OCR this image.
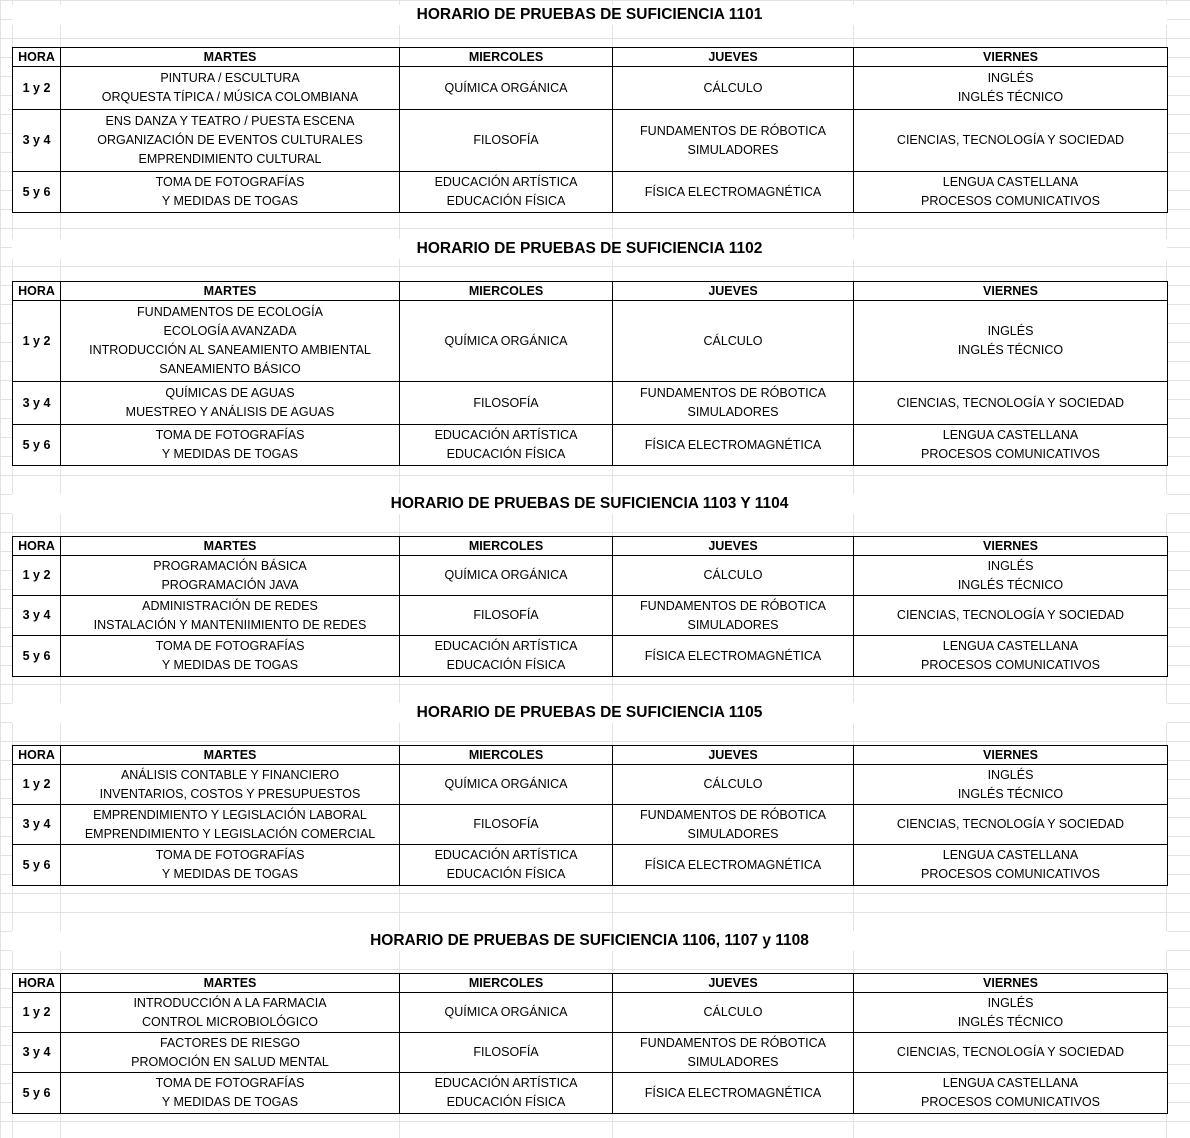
HORARIO DE PRUEBAS DE SUFICIENCIA 1101
HORA	MARTES	MIERCOLES	JUEVES	VIERNES
1 y 2	PINTURA / ESCULTURA
ORQUESTA TÍPICA / MÚSICA COLOMBIANA	QUÍMICA ORGÁNICA	CÁLCULO	INGLÉS
INGLÉS TÉCNICO

3 y 4	ENS DANZA Y TEATRO / PUESTA ESCENA
ORGANIZACIÓN DE EVENTOS CULTURALES
EMPRENDIMIENTO CULTURAL	FILOSOFÍA	FUNDAMENTOS DE RÓBOTICA
SIMULADORES	CIENCIAS, TECNOLOGÍA Y SOCIEDAD

5 y 6	TOMA DE FOTOGRAFÍAS
Y MEDIDAS DE TOGAS	EDUCACIÓN ARTÍSTICA
EDUCACIÓN FÍSICA	FÍSICA ELECTROMAGNÉTICA	LENGUA CASTELLANA
PROCESOS COMUNICATIVOS
HORARIO DE PRUEBAS DE SUFICIENCIA 1102
HORA	MARTES	MIERCOLES	JUEVES	VIERNES
1 y 2	FUNDAMENTOS DE ECOLOGÍA
ECOLOGÍA AVANZADA
INTRODUCCIÓN AL SANEAMIENTO AMBIENTAL
SANEAMIENTO BÁSICO	QUÍMICA ORGÁNICA	CÁLCULO	INGLÉS
INGLÉS TÉCNICO

3 y 4	QUÍMICAS DE AGUAS
MUESTREO Y ANÁLISIS DE AGUAS	FILOSOFÍA	FUNDAMENTOS DE RÓBOTICA
SIMULADORES	CIENCIAS, TECNOLOGÍA Y SOCIEDAD

5 y 6	TOMA DE FOTOGRAFÍAS
Y MEDIDAS DE TOGAS	EDUCACIÓN ARTÍSTICA
EDUCACIÓN FÍSICA	FÍSICA ELECTROMAGNÉTICA	LENGUA CASTELLANA
PROCESOS COMUNICATIVOS
HORARIO DE PRUEBAS DE SUFICIENCIA 1103 Y 1104
HORA	MARTES	MIERCOLES	JUEVES	VIERNES
1 y 2	PROGRAMACIÓN BÁSICA
PROGRAMACIÓN JAVA	QUÍMICA ORGÁNICA	CÁLCULO	INGLÉS
INGLÉS TÉCNICO

3 y 4	ADMINISTRACIÓN DE REDES
INSTALACIÓN Y MANTENIIMIENTO DE REDES	FILOSOFÍA	FUNDAMENTOS DE RÓBOTICA
SIMULADORES	CIENCIAS, TECNOLOGÍA Y SOCIEDAD

5 y 6	TOMA DE FOTOGRAFÍAS
Y MEDIDAS DE TOGAS	EDUCACIÓN ARTÍSTICA
EDUCACIÓN FÍSICA	FÍSICA ELECTROMAGNÉTICA	LENGUA CASTELLANA
PROCESOS COMUNICATIVOS
HORARIO DE PRUEBAS DE SUFICIENCIA 1105
HORA	MARTES	MIERCOLES	JUEVES	VIERNES
1 y 2	ANÁLISIS CONTABLE Y FINANCIERO
INVENTARIOS, COSTOS Y PRESUPUESTOS	QUÍMICA ORGÁNICA	CÁLCULO	INGLÉS
INGLÉS TÉCNICO

3 y 4	EMPRENDIMIENTO Y LEGISLACIÓN LABORAL
EMPRENDIMIENTO Y LEGISLACIÓN COMERCIAL	FILOSOFÍA	FUNDAMENTOS DE RÓBOTICA
SIMULADORES	CIENCIAS, TECNOLOGÍA Y SOCIEDAD

5 y 6	TOMA DE FOTOGRAFÍAS
Y MEDIDAS DE TOGAS	EDUCACIÓN ARTÍSTICA
EDUCACIÓN FÍSICA	FÍSICA ELECTROMAGNÉTICA	LENGUA CASTELLANA
PROCESOS COMUNICATIVOS
HORARIO DE PRUEBAS DE SUFICIENCIA 1106, 1107 y 1108
HORA	MARTES	MIERCOLES	JUEVES	VIERNES
1 y 2	INTRODUCCIÓN A LA FARMACIA
CONTROL MICROBIOLÓGICO	QUÍMICA ORGÁNICA	CÁLCULO	INGLÉS
INGLÉS TÉCNICO

3 y 4	FACTORES DE RIESGO
PROMOCIÓN EN SALUD MENTAL	FILOSOFÍA	FUNDAMENTOS DE RÓBOTICA
SIMULADORES	CIENCIAS, TECNOLOGÍA Y SOCIEDAD

5 y 6	TOMA DE FOTOGRAFÍAS
Y MEDIDAS DE TOGAS	EDUCACIÓN ARTÍSTICA
EDUCACIÓN FÍSICA	FÍSICA ELECTROMAGNÉTICA	LENGUA CASTELLANA
PROCESOS COMUNICATIVOS
